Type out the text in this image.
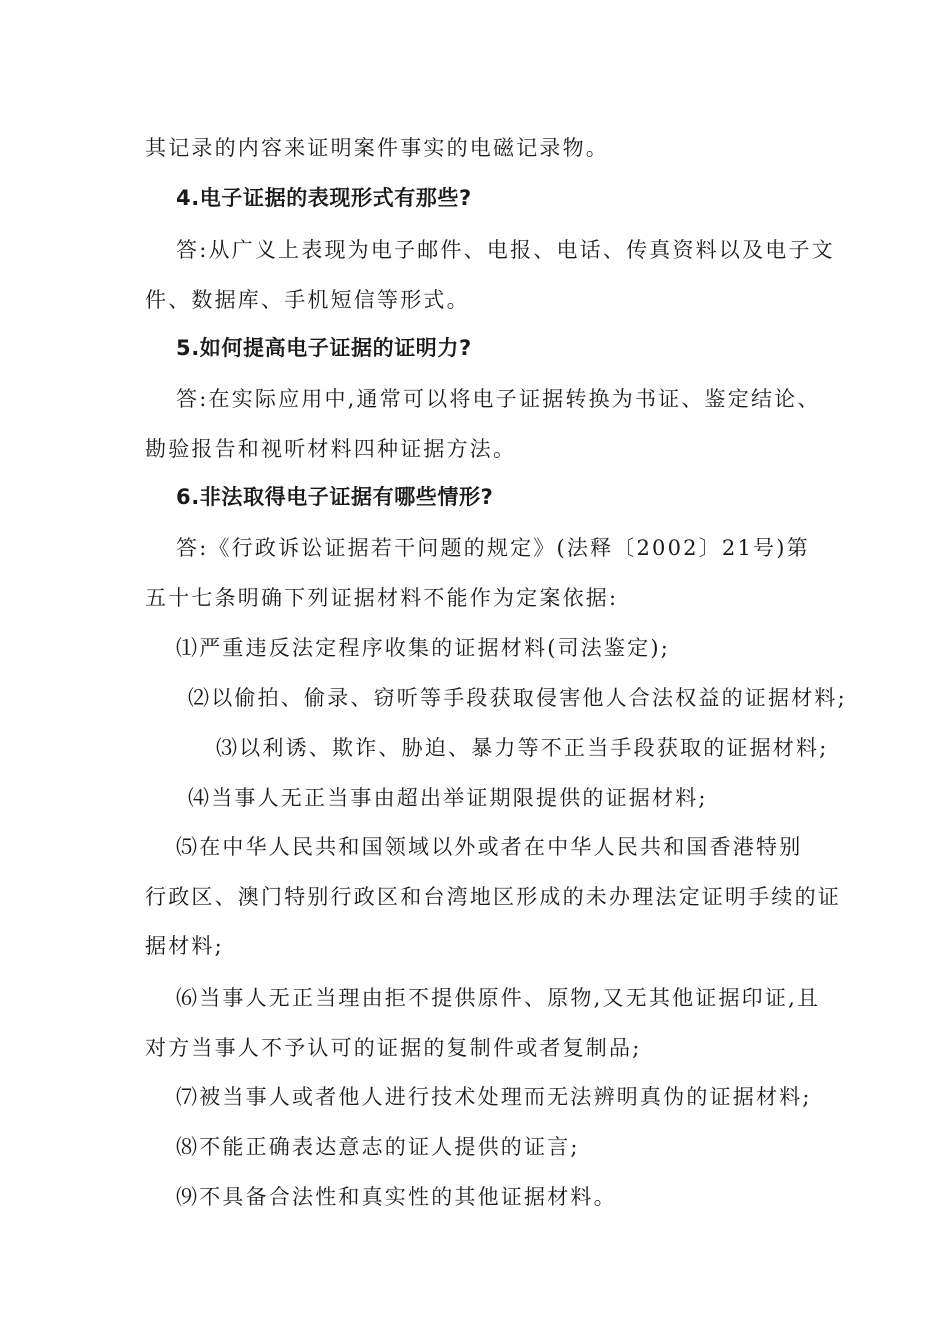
其记录的内容来证明案件事实的电磁记录物。
4.电子证据的表现形式有那些?
答:从广义上表现为电子邮件、电报、电话、传真资料以及电子文
件、数据库、手机短信等形式。
5.如何提高电子证据的证明力?
答:在实际应用中,通常可以将电子证据转换为书证、鉴定结论、
勘验报告和视听材料四种证据方法。
6.非法取得电子证据有哪些情形?
答:《行政诉讼证据若干问题的规定》(法释〔2002〕21号)第
五十七条明确下列证据材料不能作为定案依据:
⑴严重违反法定程序收集的证据材料(司法鉴定);
⑵以偷拍、偷录、窃听等手段获取侵害他人合法权益的证据材料;
⑶以利诱、欺诈、胁迫、暴力等不正当手段获取的证据材料;
⑷当事人无正当事由超出举证期限提供的证据材料;
⑸在中华人民共和国领域以外或者在中华人民共和国香港特别
行政区、澳门特别行政区和台湾地区形成的未办理法定证明手续的证
据材料;
⑹当事人无正当理由拒不提供原件、原物,又无其他证据印证,且
对方当事人不予认可的证据的复制件或者复制品;
⑺被当事人或者他人进行技术处理而无法辨明真伪的证据材料;
⑻不能正确表达意志的证人提供的证言;
⑼不具备合法性和真实性的其他证据材料。
